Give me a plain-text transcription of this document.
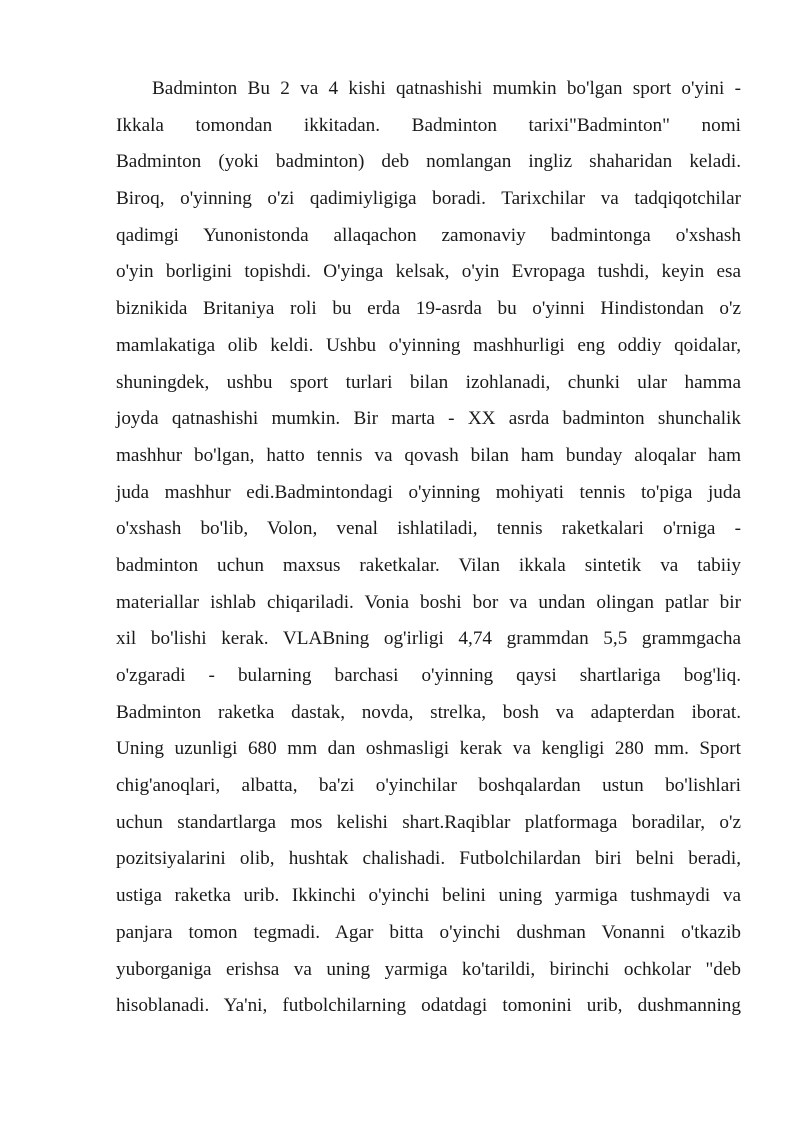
Badminton Bu 2 va 4 kishi qatnashishi mumkin bo'lgan sport o'yini -
Ikkala tomondan ikkitadan. Badminton tarixi"Badminton" nomi
Badminton (yoki badminton) deb nomlangan ingliz shaharidan keladi.
Biroq, o'yinning o'zi qadimiyligiga boradi. Tarixchilar va tadqiqotchilar
qadimgi Yunonistonda allaqachon zamonaviy badmintonga o'xshash
o'yin borligini topishdi. O'yinga kelsak, o'yin Evropaga tushdi, keyin esa
biznikida Britaniya roli bu erda 19-asrda bu o'yinni Hindistondan o'z
mamlakatiga olib keldi. Ushbu o'yinning mashhurligi eng oddiy qoidalar,
shuningdek, ushbu sport turlari bilan izohlanadi, chunki ular hamma
joyda qatnashishi mumkin. Bir marta - XX asrda badminton shunchalik
mashhur bo'lgan, hatto tennis va qovash bilan ham bunday aloqalar ham
juda mashhur edi.Badmintondagi o'yinning mohiyati tennis to'piga juda
o'xshash bo'lib, Volon, venal ishlatiladi, tennis raketkalari o'rniga -
badminton uchun maxsus raketkalar. Vilan ikkala sintetik va tabiiy
materiallar ishlab chiqariladi. Vonia boshi bor va undan olingan patlar bir
xil bo'lishi kerak. VLABning og'irligi 4,74 grammdan 5,5 grammgacha
o'zgaradi - bularning barchasi o'yinning qaysi shartlariga bog'liq.
Badminton raketka dastak, novda, strelka, bosh va adapterdan iborat.
Uning uzunligi 680 mm dan oshmasligi kerak va kengligi 280 mm. Sport
chig'anoqlari, albatta, ba'zi o'yinchilar boshqalardan ustun bo'lishlari
uchun standartlarga mos kelishi shart.Raqiblar platformaga boradilar, o'z
pozitsiyalarini olib, hushtak chalishadi. Futbolchilardan biri belni beradi,
ustiga raketka urib. Ikkinchi o'yinchi belini uning yarmiga tushmaydi va
panjara tomon tegmadi. Agar bitta o'yinchi dushman Vonanni o'tkazib
yuborganiga erishsa va uning yarmiga ko'tarildi, birinchi ochkolar "deb
hisoblanadi. Ya'ni, futbolchilarning odatdagi tomonini urib, dushmanning
